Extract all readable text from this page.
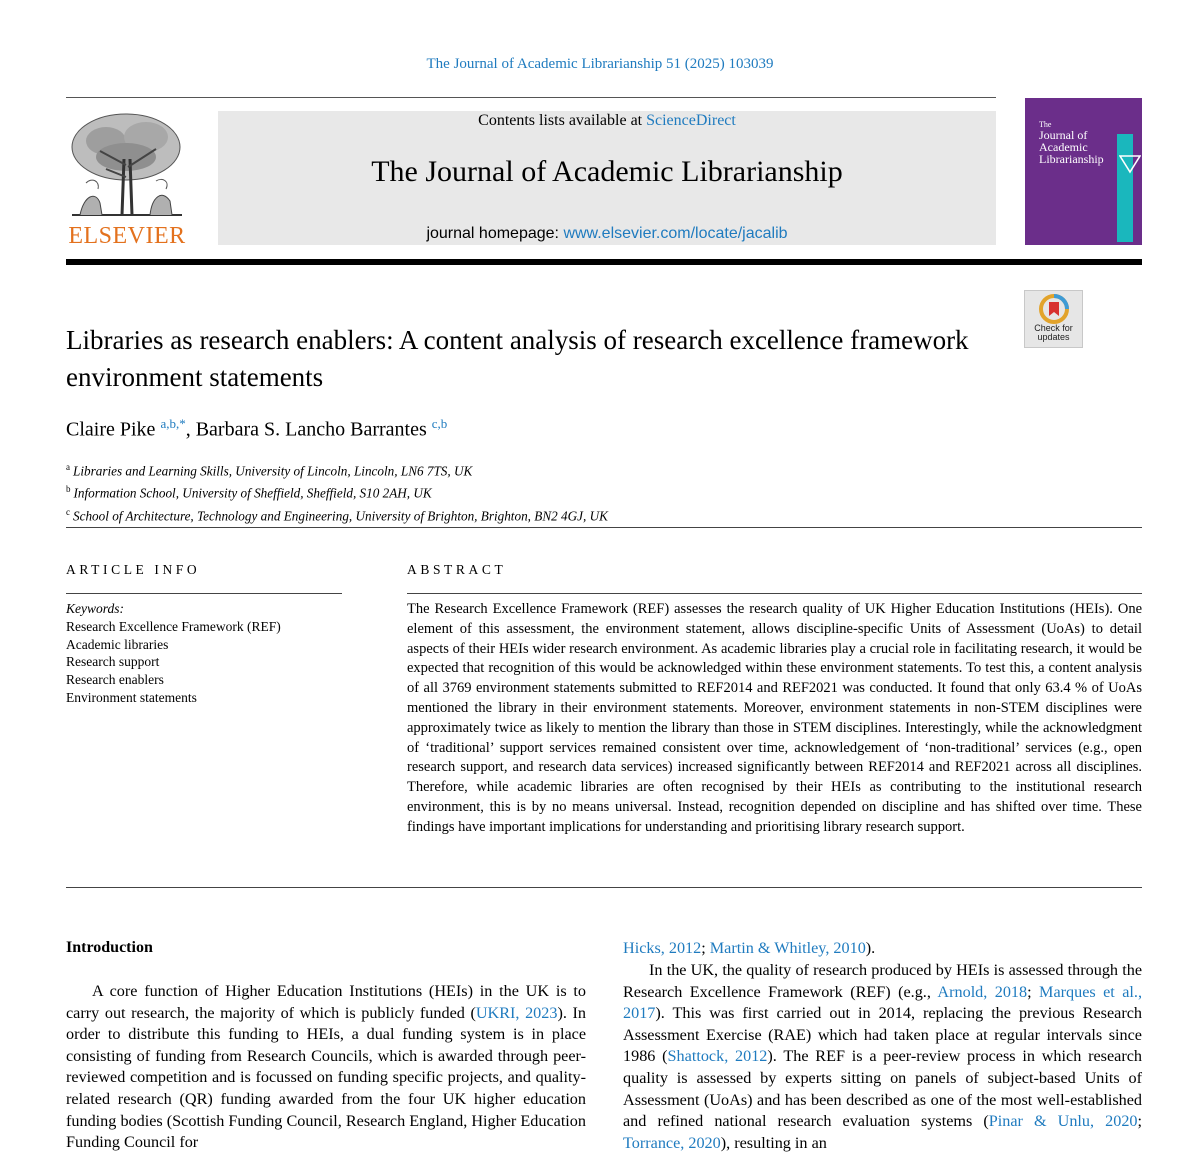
The Journal of Academic Librarianship 51 (2025) 103039
ELSEVIER
Contents lists available at ScienceDirect
The Journal of Academic Librarianship
journal homepage: www.elsevier.com/locate/jacalib
The
Journal of
Academic
Librarianship
Check for
updates
Libraries as research enablers: A content analysis of research excellence framework environment statements
Claire Pike $^{a,b,*}$, Barbara S. Lancho Barrantes $^{c,b}$
$^a$ Libraries and Learning Skills, University of Lincoln, Lincoln, LN6 7TS, UK
$^b$ Information School, University of Sheffield, Sheffield, S10 2AH, UK
$^c$ School of Architecture, Technology and Engineering, University of Brighton, Brighton, BN2 4GJ, UK
ARTICLE INFO	ABSTRACT
Keywords:
Research Excellence Framework (REF)
Academic libraries
Research support
Research enablers
Environment statements
The Research Excellence Framework (REF) assesses the research quality of UK Higher Education Institutions (HEIs). One element of this assessment, the environment statement, allows discipline-specific Units of Assessment (UoAs) to detail aspects of their HEIs wider research environment. As academic libraries play a crucial role in facilitating research, it would be expected that recognition of this would be acknowledged within these environment statements. To test this, a content analysis of all 3769 environment statements submitted to REF2014 and REF2021 was conducted. It found that only 63.4 % of UoAs mentioned the library in their environment statements. Moreover, environment statements in non-STEM disciplines were approximately twice as likely to mention the library than those in STEM disciplines. Interestingly, while the acknowledgment of ‘traditional’ support services remained consistent over time, acknowledgement of ‘non-traditional’ services (e.g., open research support, and research data services) increased significantly between REF2014 and REF2021 across all disciplines. Therefore, while academic libraries are often recognised by their HEIs as contributing to the institutional research environment, this is by no means universal. Instead, recognition depended on discipline and has shifted over time. These findings have important implications for understanding and prioritising library research support.
Introduction
A core function of Higher Education Institutions (HEIs) in the UK is to carry out research, the majority of which is publicly funded (UKRI, 2023). In order to distribute this funding to HEIs, a dual funding system is in place consisting of funding from Research Councils, which is awarded through peer-reviewed competition and is focussed on funding specific projects, and quality-related research (QR) funding awarded from the four UK higher education funding bodies (Scottish Funding Council, Research England, Higher Education Funding Council for
Hicks, 2012; Martin & Whitley, 2010).
In the UK, the quality of research produced by HEIs is assessed through the Research Excellence Framework (REF) (e.g., Arnold, 2018; Marques et al., 2017). This was first carried out in 2014, replacing the previous Research Assessment Exercise (RAE) which had taken place at regular intervals since 1986 (Shattock, 2012). The REF is a peer-review process in which research quality is assessed by experts sitting on panels of subject-based Units of Assessment (UoAs) and has been described as one of the most well-established and refined national research evaluation systems (Pinar & Unlu, 2020; Torrance, 2020), resulting in an
